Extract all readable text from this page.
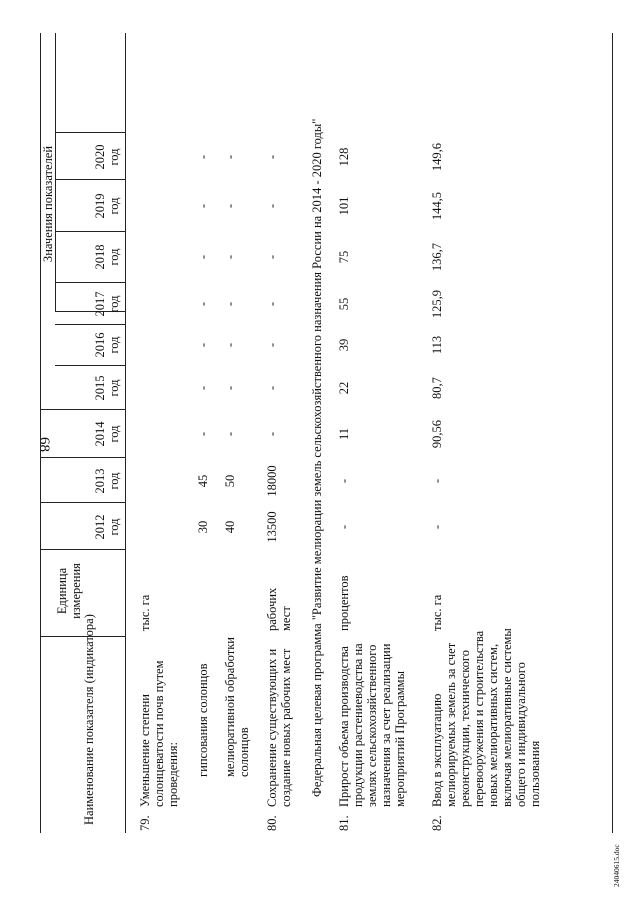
68
Наименование показателя (индикатора)
Единица измерения
Значения показателей
2012 год
2013 год
2014 год
2015 год
2016 год
2017 год
2018 год
2019 год
2020 год
79.
Уменьшение степени солонцеватости почв путем проведения:
тыс. га
гипсования солонцов
30
45
-
-
-
-
-
-
-
мелиоративной обработки солонцов
40
50
-
-
-
-
-
-
-
80.
Сохранение существующих и создание новых рабочих мест
рабочих мест
13500
18000
-
-
-
-
-
-
-
81.
Прирост объема производства продукции растениеводства на землях сельскохозяйственного назначения за счет реализации мероприятий Программы
процентов
-
-
11
22
39
55
75
101
128
82.
Ввод в эксплуатацию мелиорируемых земель за счет реконструкции, технического перевооружения и строительства новых мелиоративных систем, включая мелиоративные системы общего и индивидуального пользования
тыс. га
-
-
90,56
80,7
113
125,9
136,7
144,5
149,6
Федеральная целевая программа "Развитие мелиорации земель сельскохозяйственного назначения России на 2014 - 2020 годы"
24040615.doc
